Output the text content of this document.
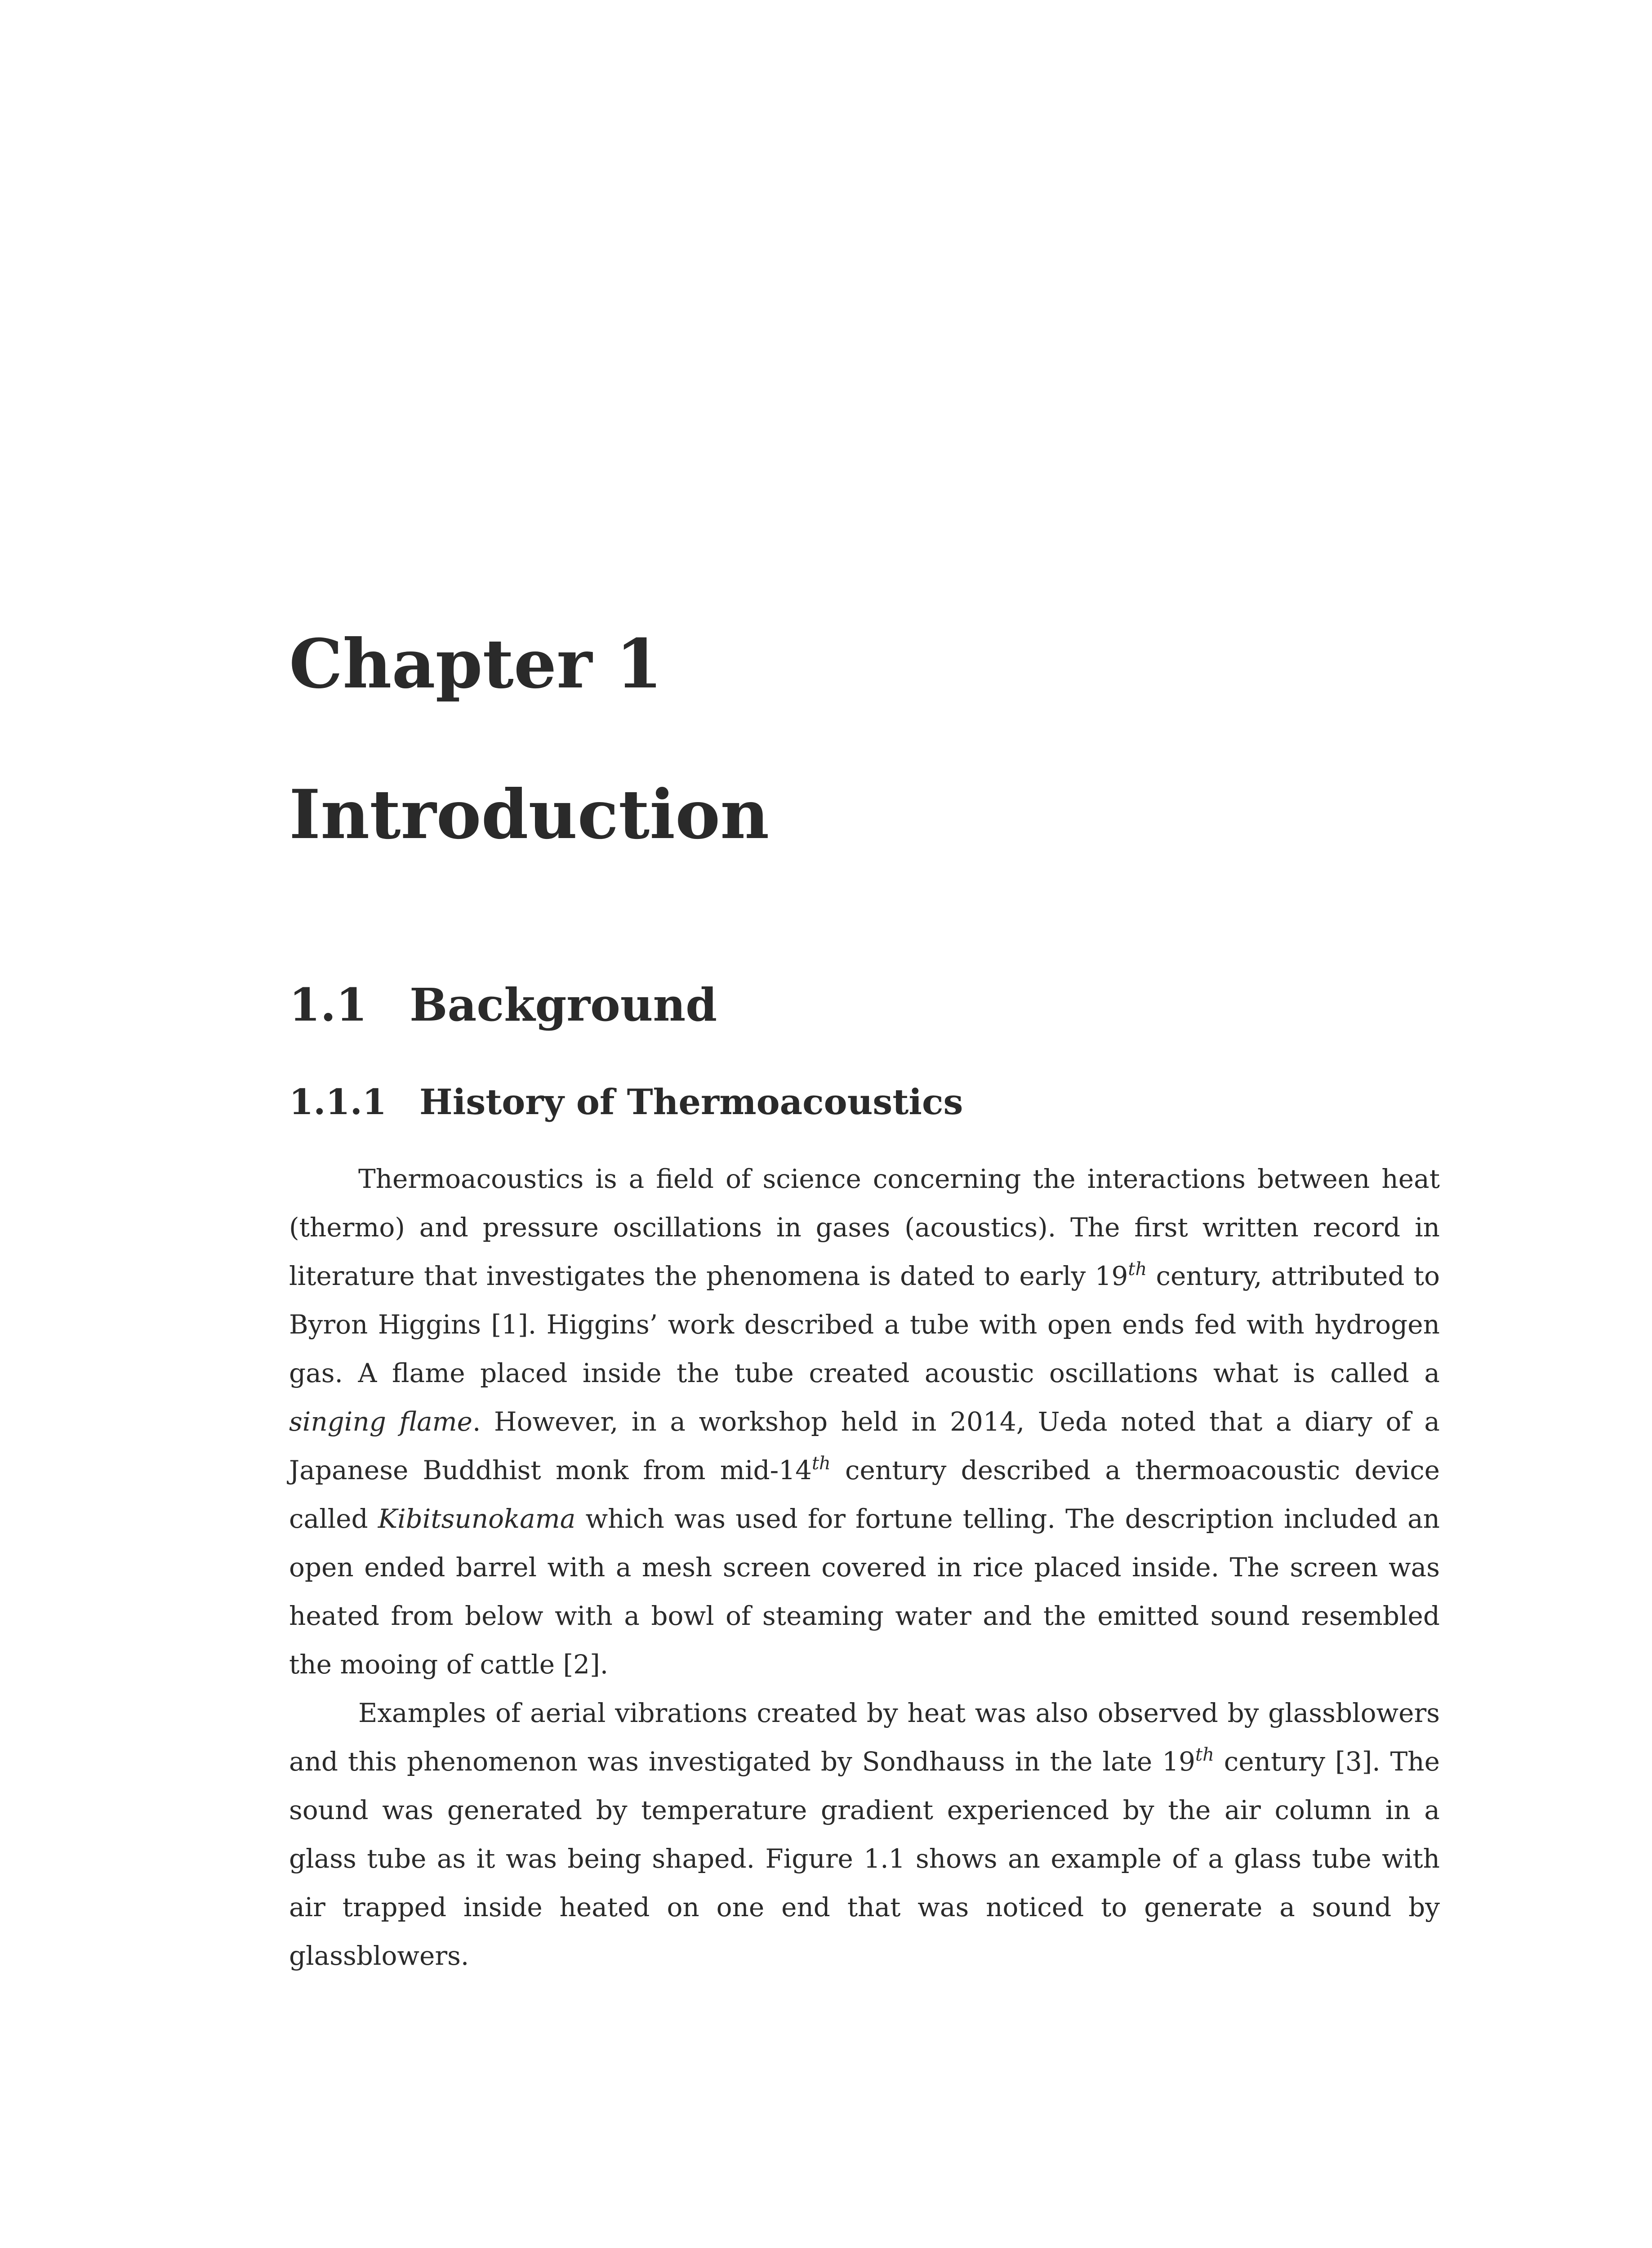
Chapter 1
Introduction
1.1 Background
1.1.1 History of Thermoacoustics

Thermoacoustics is a field of science concerning the interactions between heat (thermo) and pressure oscillations in gases (acoustics). The first written record in literature that investigates the phenomena is dated to early 19th century, attributed to Byron Higgins [1]. Higgins’ work described a tube with open ends fed with hydrogen gas. A flame placed inside the tube created acoustic oscillations what is called a singing flame. However, in a workshop held in 2014, Ueda noted that a diary of a Japanese Buddhist monk from mid-14th century described a thermoacoustic device called Kibitsunokama which was used for fortune telling. The description included an open ended barrel with a mesh screen covered in rice placed inside. The screen was heated from below with a bowl of steaming water and the emitted sound resembled the mooing of cattle [2].

Examples of aerial vibrations created by heat was also observed by glassblowers and this phenomenon was investigated by Sondhauss in the late 19th century [3]. The sound was generated by temperature gradient experienced by the air column in a glass tube as it was being shaped. Figure 1.1 shows an example of a glass tube with air trapped inside heated on one end that was noticed to generate a sound by glassblowers.
